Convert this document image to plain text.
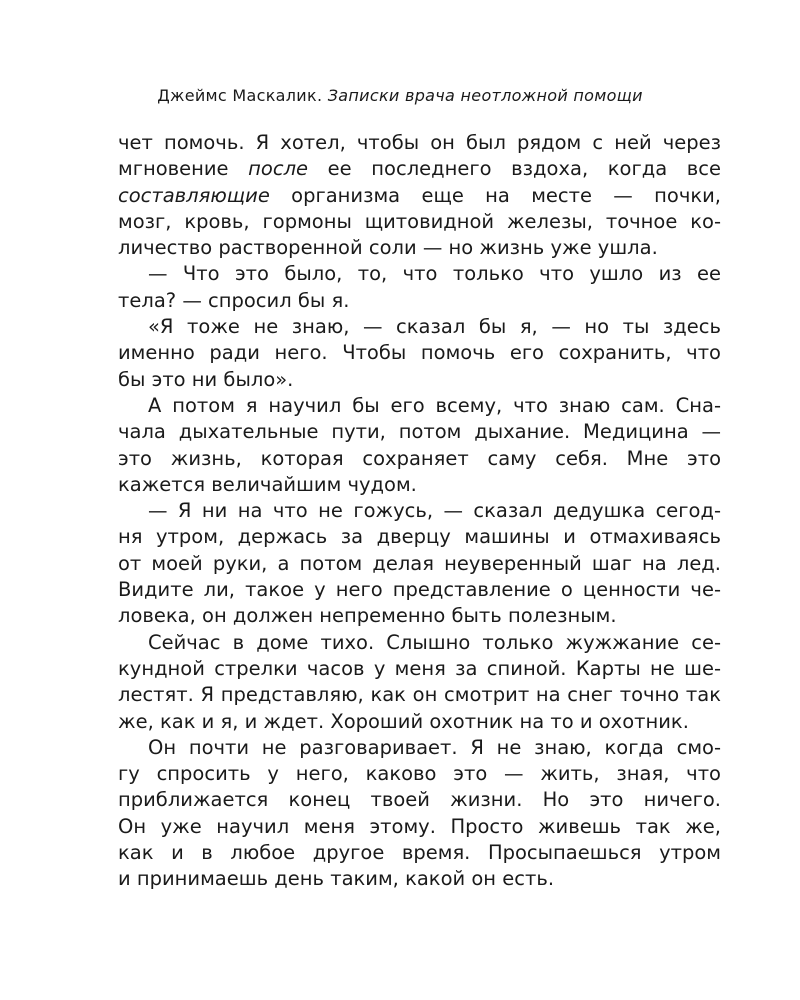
Джеймс Маскалик. Записки врача неотложной помощи
чет помочь. Я хотел, чтобы он был рядом с ней через
мгновение после ее последнего вздоха, когда все
составляющие организма еще на месте — почки,
мозг, кровь, гормоны щитовидной железы, точное ко-
личество растворенной соли — но жизнь уже ушла.
— Что это было, то, что только что ушло из ее
тела? — спросил бы я.
«Я тоже не знаю, — сказал бы я, — но ты здесь
именно ради него. Чтобы помочь его сохранить, что
бы это ни было».
А потом я научил бы его всему, что знаю сам. Сна-
чала дыхательные пути, потом дыхание. Медицина —
это жизнь, которая сохраняет саму себя. Мне это
кажется величайшим чудом.
— Я ни на что не гожусь, — сказал дедушка сегод-
ня утром, держась за дверцу машины и отмахиваясь
от моей руки, а потом делая неуверенный шаг на лед.
Видите ли, такое у него представление о ценности че-
ловека, он должен непременно быть полезным.
Сейчас в доме тихо. Слышно только жужжание се-
кундной стрелки часов у меня за спиной. Карты не ше-
лестят. Я представляю, как он смотрит на снег точно так
же, как и я, и ждет. Хороший охотник на то и охотник.
Он почти не разговаривает. Я не знаю, когда смо-
гу спросить у него, каково это — жить, зная, что
приближается конец твоей жизни. Но это ничего.
Он уже научил меня этому. Просто живешь так же,
как и в любое другое время. Просыпаешься утром
и принимаешь день таким, какой он есть.
